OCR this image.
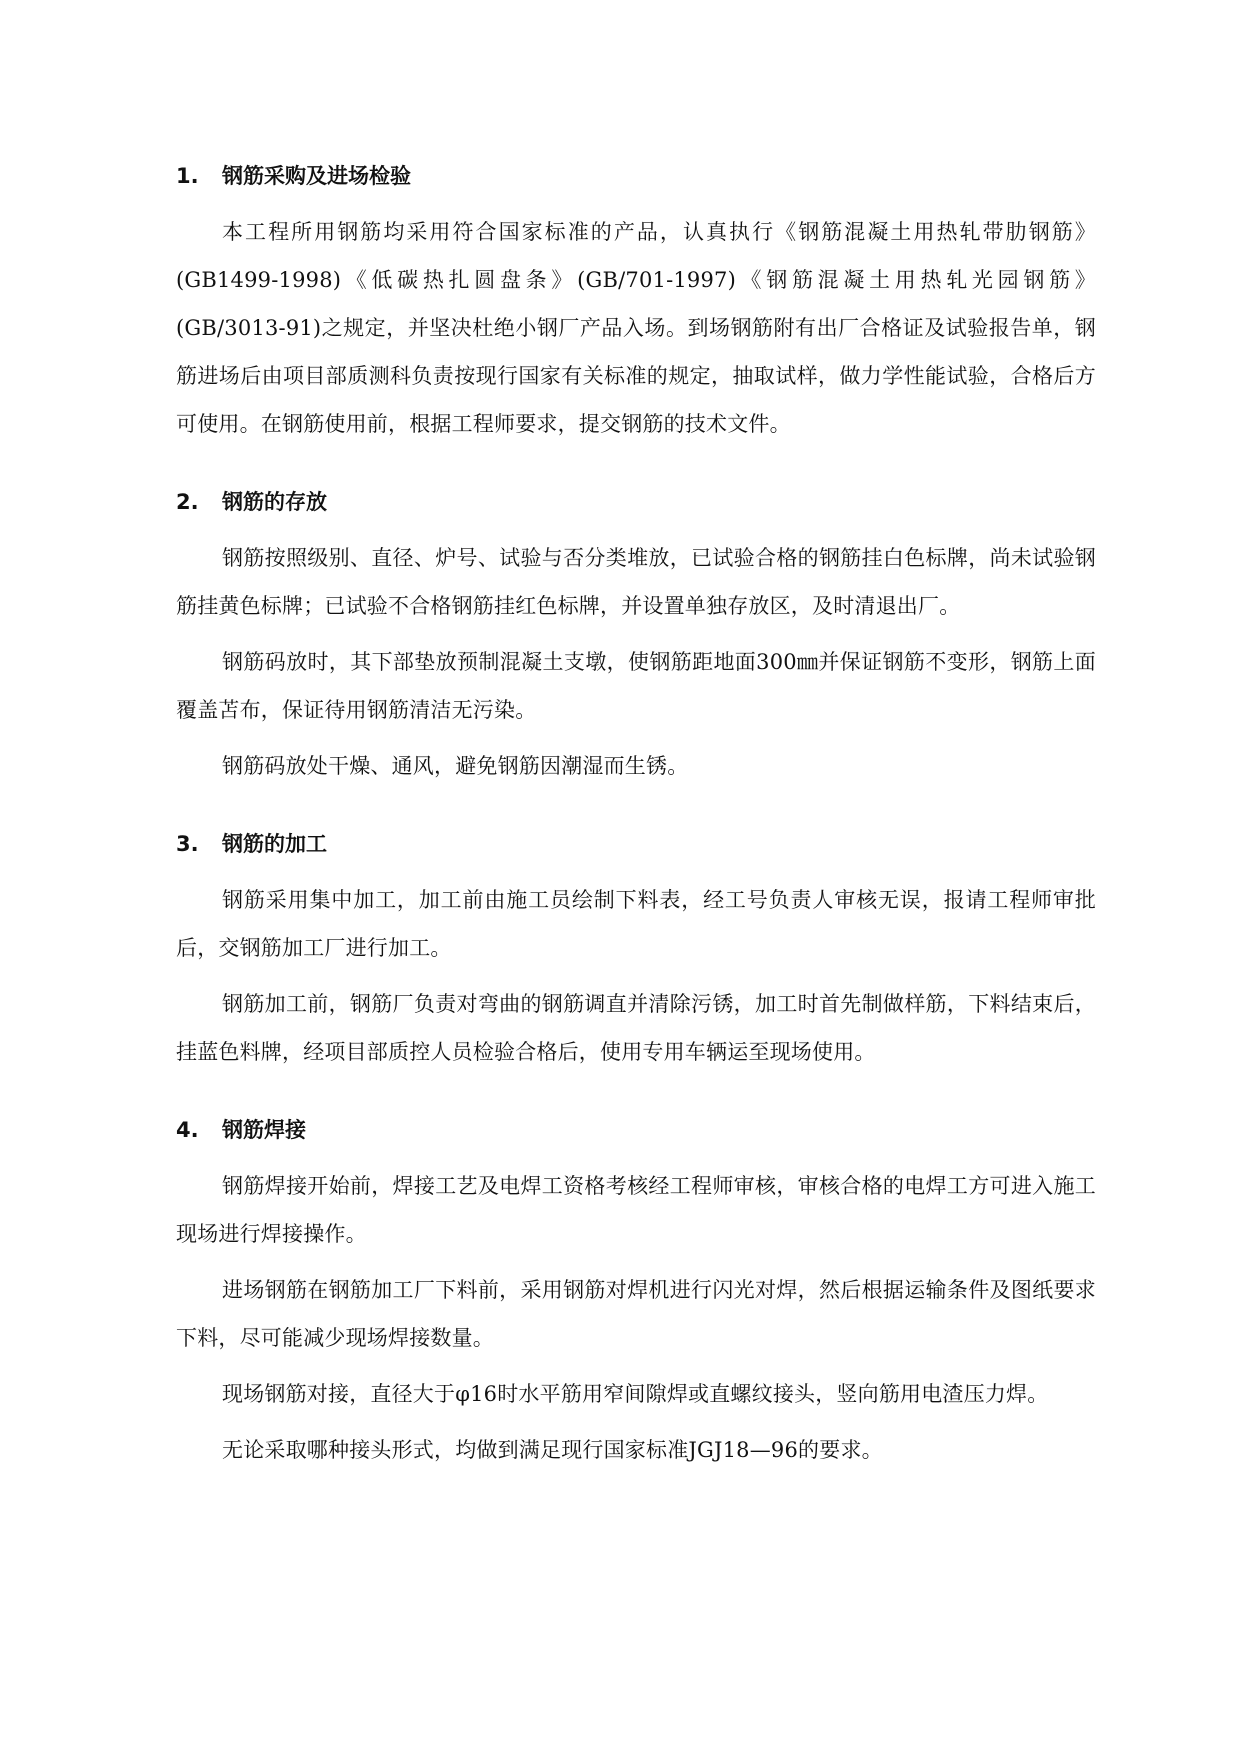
1.	钢筋采购及进场检验

本工程所用钢筋均采用符合国家标准的产品，认真执行《钢筋混凝土用热轧带肋钢筋》(GB1499-1998)《低碳热扎圆盘条》(GB/701-1997)《钢筋混凝土用热轧光园钢筋》(GB/3013-91)之规定，并坚决杜绝小钢厂产品入场。到场钢筋附有出厂合格证及试验报告单，钢筋进场后由项目部质测科负责按现行国家有关标准的规定，抽取试样，做力学性能试验，合格后方可使用。在钢筋使用前，根据工程师要求，提交钢筋的技术文件。

2.	钢筋的存放

钢筋按照级别、直径、炉号、试验与否分类堆放，已试验合格的钢筋挂白色标牌，尚未试验钢筋挂黄色标牌；已试验不合格钢筋挂红色标牌，并设置单独存放区，及时清退出厂。

钢筋码放时，其下部垫放预制混凝土支墩，使钢筋距地面300㎜并保证钢筋不变形，钢筋上面覆盖苫布，保证待用钢筋清洁无污染。

钢筋码放处干燥、通风，避免钢筋因潮湿而生锈。

3.	钢筋的加工

钢筋采用集中加工，加工前由施工员绘制下料表，经工号负责人审核无误，报请工程师审批后，交钢筋加工厂进行加工。

钢筋加工前，钢筋厂负责对弯曲的钢筋调直并清除污锈，加工时首先制做样筋，下料结束后，挂蓝色料牌，经项目部质控人员检验合格后，使用专用车辆运至现场使用。

4.	钢筋焊接

钢筋焊接开始前，焊接工艺及电焊工资格考核经工程师审核，审核合格的电焊工方可进入施工现场进行焊接操作。

进场钢筋在钢筋加工厂下料前，采用钢筋对焊机进行闪光对焊，然后根据运输条件及图纸要求下料，尽可能减少现场焊接数量。

现场钢筋对接，直径大于φ16时水平筋用窄间隙焊或直螺纹接头，竖向筋用电渣压力焊。

无论采取哪种接头形式，均做到满足现行国家标准JGJ18—96的要求。
